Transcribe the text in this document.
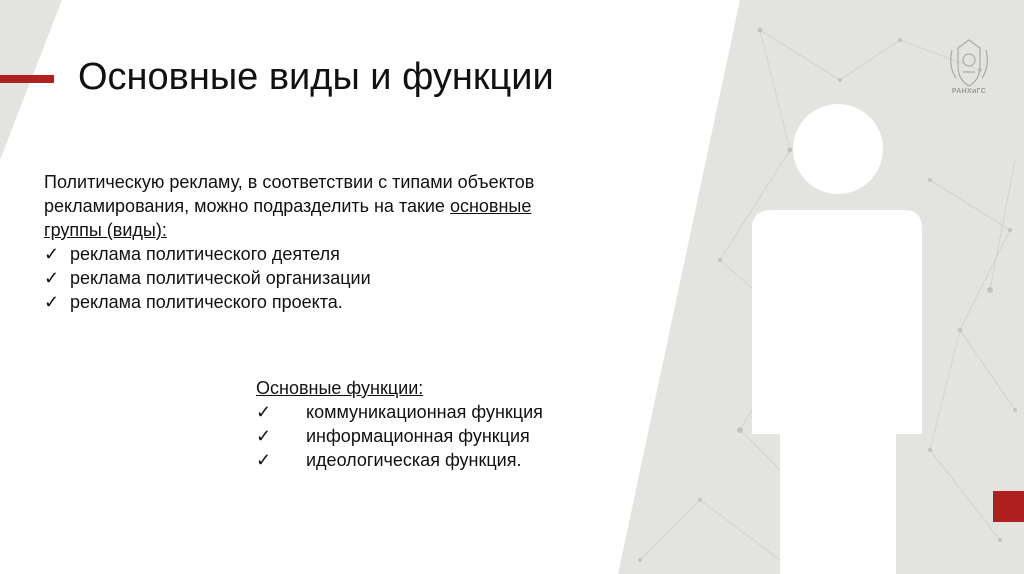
РАНХиГС
Основные виды и функции

Политическую рекламу, в соответствии с типами объектов рекламирования, можно подразделить на такие основные группы (виды):

✓ реклама политического деятеля
✓ реклама политической организации
✓ реклама политического проекта.
Основные функции:
✓	коммуникационная функция
✓	информационная функция
✓	идеологическая функция.
